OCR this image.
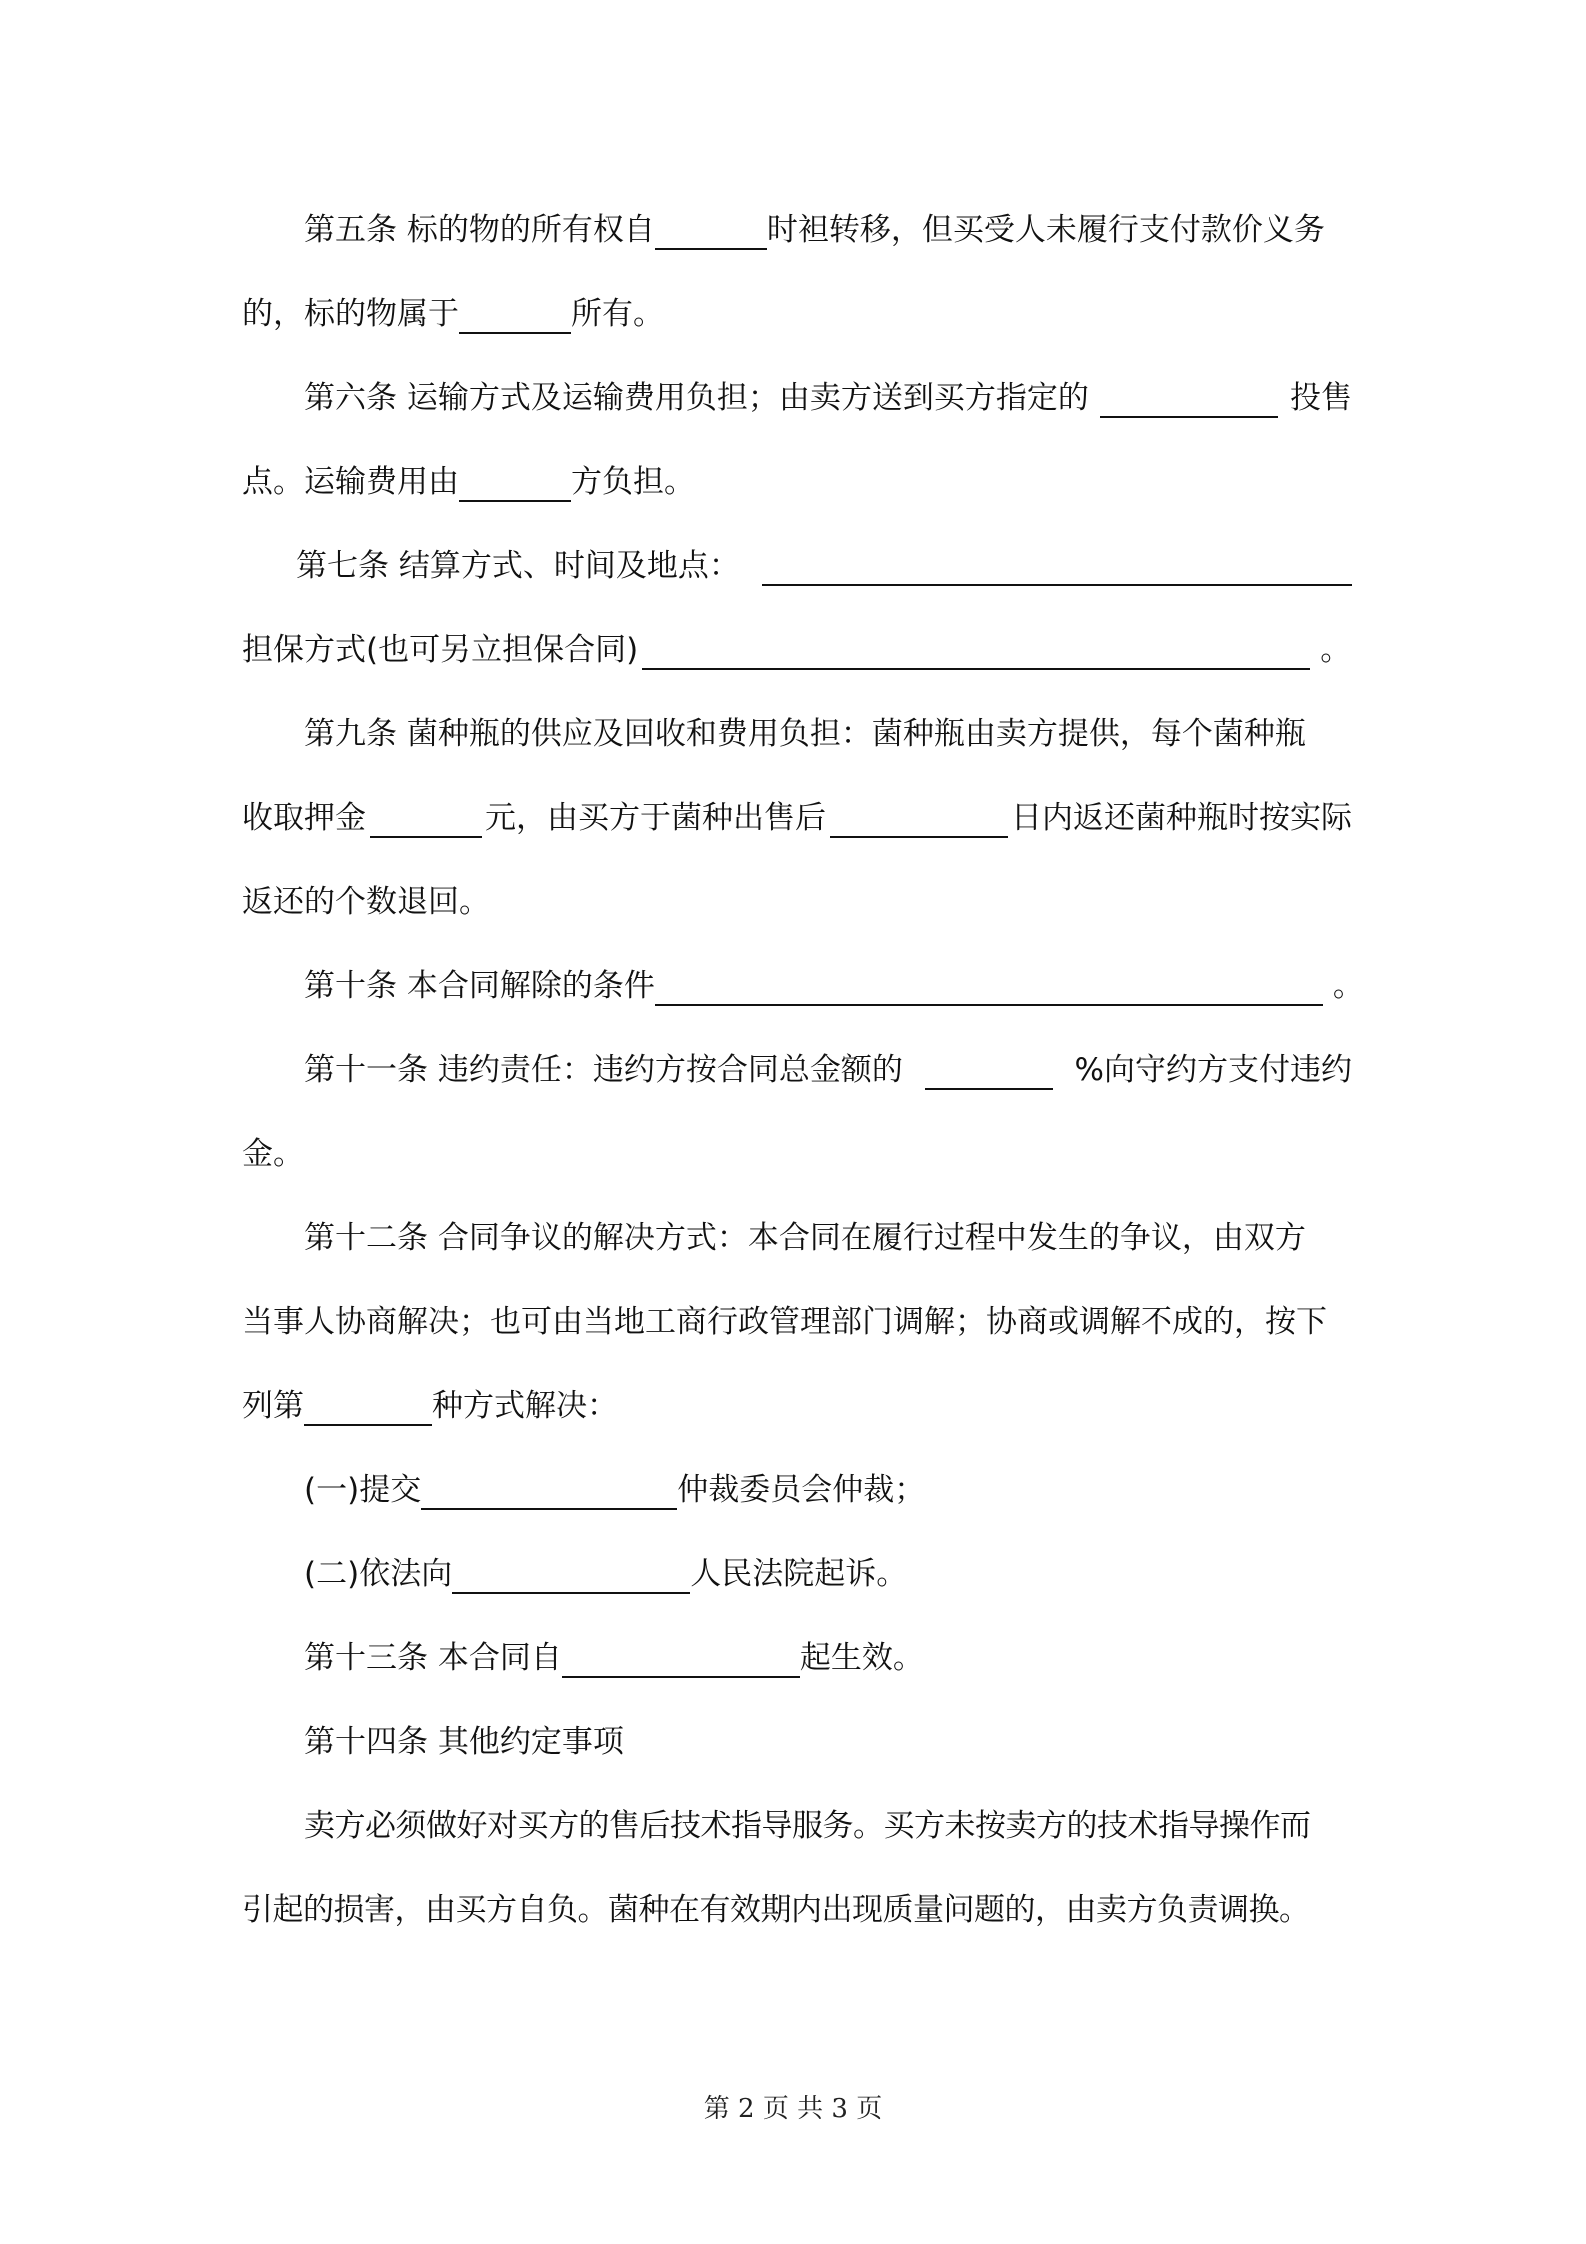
第五条 标的物的所有权自	时袒转移，但买受人未履行支付款价义务
的，标的物属于	所有。
第六条 运输方式及运输费用负担；由卖方送到买方指定的	投售
点。运输费用由	方负担。
第七条 结算方式、时间及地点：
担保方式(也可另立担保合同)	。
第九条 菌种瓶的供应及回收和费用负担：菌种瓶由卖方提供，每个菌种瓶
收取押金	元，由买方于菌种出售后	日内返还菌种瓶时按实际
返还的个数退回。
第十条 本合同解除的条件	。
第十一条 违约责任：违约方按合同总金额的	%向守约方支付违约
金。
第十二条 合同争议的解决方式：本合同在履行过程中发生的争议，由双方
当事人协商解决；也可由当地工商行政管理部门调解；协商或调解不成的，按下
列第	种方式解决：
(一)提交	仲裁委员会仲裁；
(二)依法向	人民法院起诉。
第十三条 本合同自	起生效。
第十四条 其他约定事项
卖方必须做好对买方的售后技术指导服务。买方未按卖方的技术指导操作而
引起的损害，由买方自负。菌种在有效期内出现质量问题的，由卖方负责调换。
第 2 页 共 3 页
